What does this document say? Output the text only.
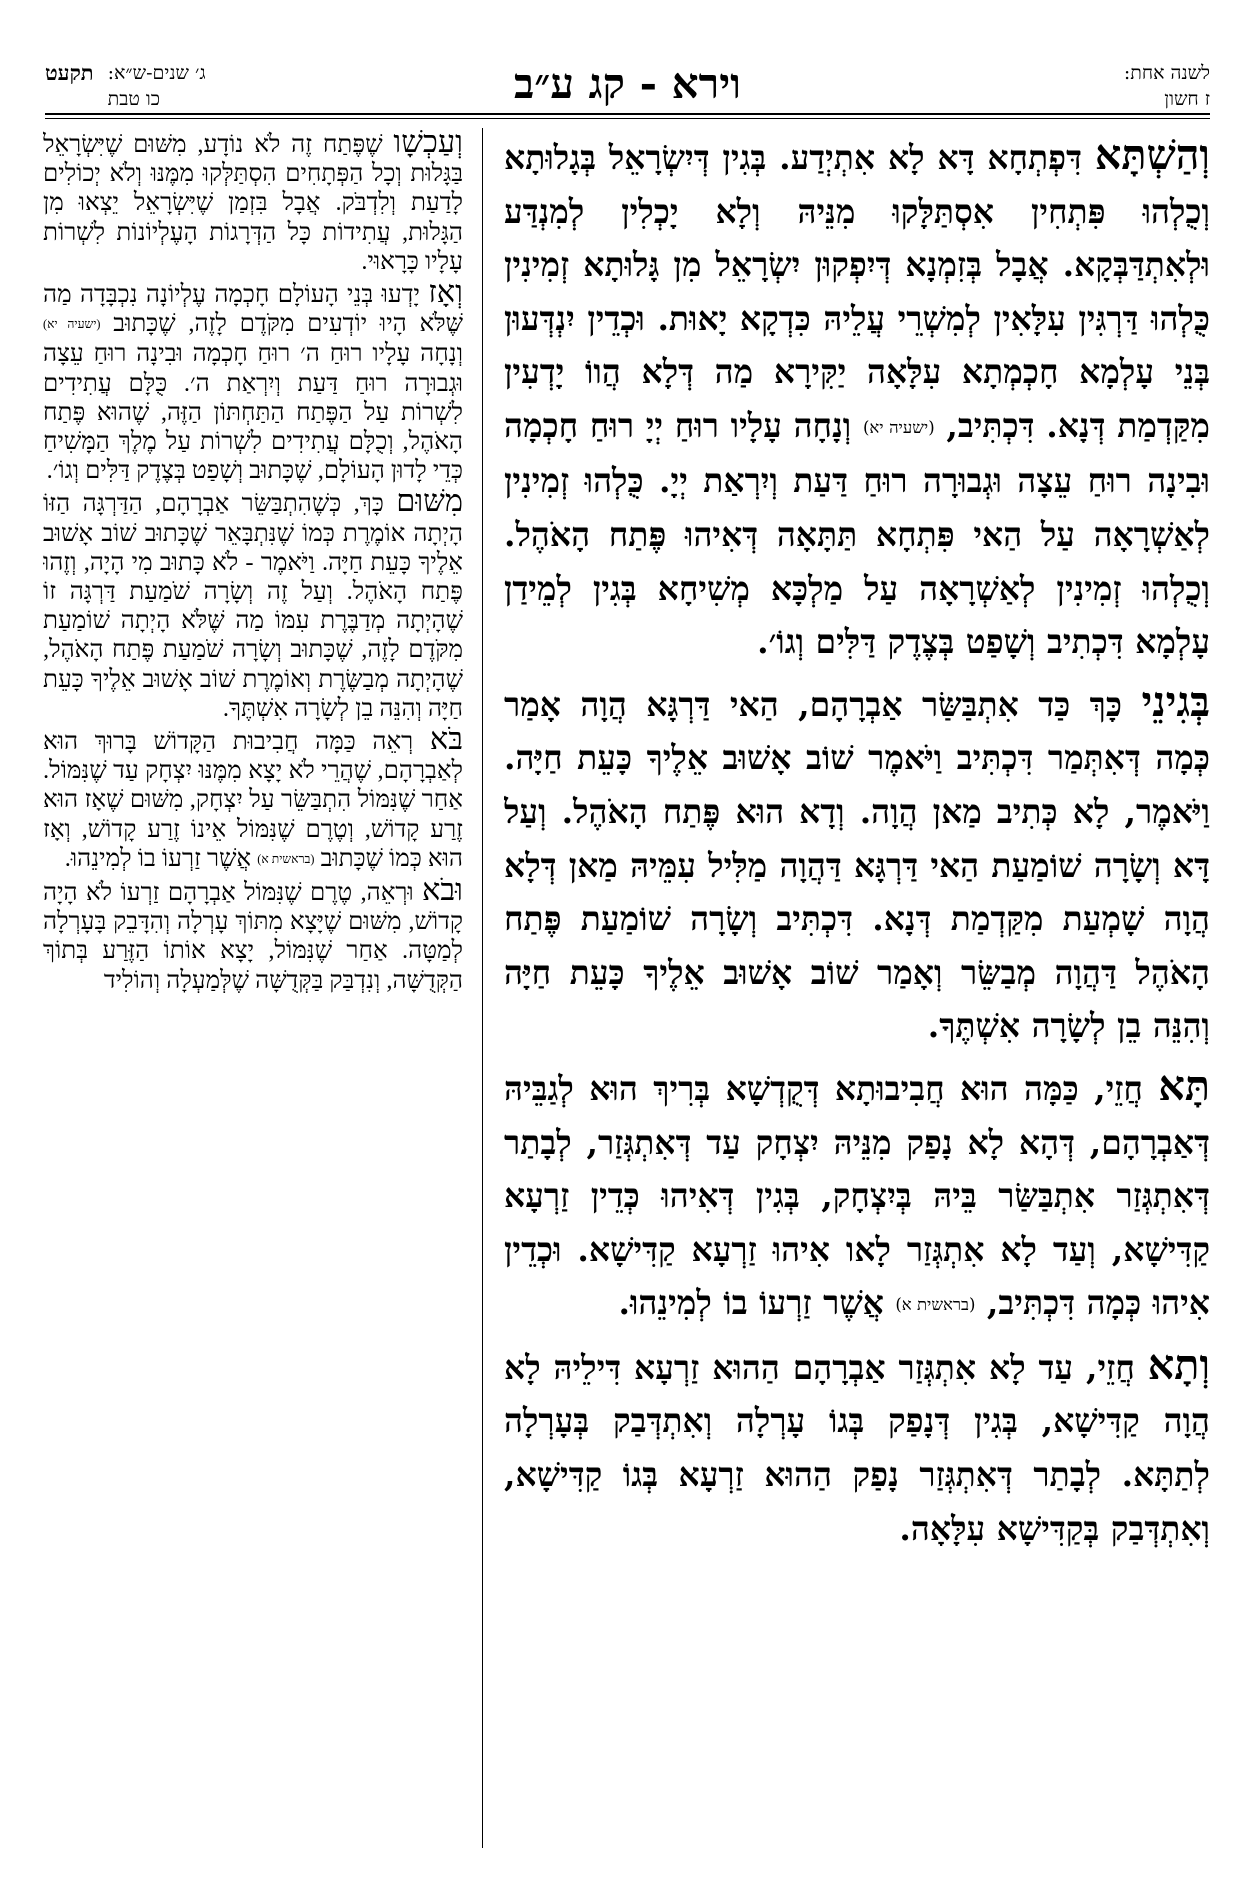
לשנה אחת:
ז חשון
וירא - קג ע״ב
ג׳ שנים-ש״א:
כו טבת
תקעט

וְהַשְׁתָּא דִּפְתְחָא דָּא לָא אִתְיְדַע. בְּגִין דְּיִשְׂרָאֵל בְּגָלוּתָא וְכֻלְהוּ פִּתְחִין אִסְתַּלָּקוּ מִנֵּיהּ וְלָא יָכְלִין לְמִנְדַּע וּלְאִתְדַּבְּקָא. אֲבָל בְּזִמְנָא דְּיִפְקוּן יִשְׂרָאֵל מִן גָּלוּתָא זְמִינִין כֻּלְהוּ דַּרְגִּין עִלָּאִין לְמִשְׁרֵי עֲלֵיהּ כִּדְקָא יָאוּת. וּכְדֵין יִנְדְּעוּן בְּנֵי עָלְמָא חָכְמְתָא עִלָּאָה יַקִּירָא מַה דְּלָא הֲווֹ יָדְעִין מִקַּדְמַת דְּנָא. דִּכְתִּיב, (ישעיה יא) וְנָחָה עָלָיו רוּחַ יְיָ רוּחַ חָכְמָה וּבִינָה רוּחַ עֵצָה וּגְבוּרָה רוּחַ דַּעַת וְיִרְאַת יְיָ. כֻּלְהוּ זְמִינִין לְאַשְׁרָאָה עַל הַאי פִּתְחָא תַּתָּאָה דְּאִיהוּ פֶּתַח הָאֹהֶל. וְכֻלְהוּ זְמִינִין לְאַשְׁרָאָה עַל מַלְכָּא מְשִׁיחָא בְּגִין לְמֵידַן עָלְמָא דִּכְתִיב וְשָׁפַט בְּצֶדֶק דַּלִּים וְגוֹ׳.

בְּגִינֵי כָּךְ כַּד אִתְבַּשַּׂר אַבְרָהָם, הַאי דַּרְגָּא הֲוָה אָמַר כְּמָה דְּאִתְּמַר דִּכְתִּיב וַיֹּאמֶר שׁוֹב אָשׁוּב אֵלֶיךָ כָּעֵת חַיָּה. וַיֹּאמֶר, לָא כְּתִיב מַאן הֲוָה. וְדָא הוּא פֶּתַח הָאֹהֶל. וְעַל דָּא וְשָׂרָה שׁוֹמַעַת הַאי דַּרְגָּא דַּהֲוָה מַלִּיל עִמֵּיהּ מַאן דְּלָא הֲוָה שָׁמְעַת מִקַּדְמַת דְּנָא. דִּכְתִּיב וְשָׂרָה שׁוֹמַעַת פֶּתַח הָאֹהֶל דַּהֲוָה מְבַשֵּׂר וְאָמַר שׁוֹב אָשׁוּב אֵלֶיךָ כָּעֵת חַיָּה וְהִנֵּה בֵן לְשָׂרָה אִשְׁתֶּךָ.

תָּא חֲזֵי, כַּמָּה הוּא חֲבִיבוּתָא דְּקֻדְשָׁא בְּרִיךְ הוּא לְגַבֵּיהּ דְּאַבְרָהָם, דְּהָא לָא נָפַק מִנֵּיהּ יִצְחָק עַד דְּאִתְגְּזַר, לְבָתַר דְּאִתְגְּזַר אִתְבַּשַּׂר בֵּיהּ בְּיִצְחָק, בְּגִין דְּאִיהוּ כְּדֵין זַרְעָא קַדִּישָׁא, וְעַד לָא אִתְגְּזַר לָאו אִיהוּ זַרְעָא קַדִּישָׁא. וּכְדֵין אִיהוּ כְּמָה דִּכְתִּיב, (בראשית א) אֲשֶׁר זַרְעוֹ בוֹ לְמִינֵהוּ.

וְתָא חֲזֵי, עַד לָא אִתְגְּזַר אַבְרָהָם הַהוּא זַרְעָא דִּילֵיהּ לָא הֲוָה קַדִּישָׁא, בְּגִין דְּנָפַק בְּגוֹ עָרְלָה וְאִתְדְּבַק בְּעָרְלָה לְתַתָּא. לְבָתַר דְּאִתְגְּזַר נָפַק הַהוּא זַרְעָא בְּגוֹ קַדִּישָׁא, וְאִתְדְּבַק בְּקַדִּישָׁא עִלָּאָה.

וְעַכְשָׁו שֶׁפֶּתַח זֶה לֹא נוֹדָע, מִשּׁוּם שֶׁיִּשְׂרָאֵל בַּגָּלוּת וְכָל הַפְּתָחִים הִסְתַּלְּקוּ מִמֶּנּוּ וְלֹא יְכוֹלִים לָדַעַת וְלִדְבֹּק. אֲבָל בִּזְמַן שֶׁיִּשְׂרָאֵל יֵצְאוּ מִן הַגָּלוּת, עֲתִידוֹת כָּל הַדְּרָגוֹת הָעֶלְיוֹנוֹת לִשְׁרוֹת עָלָיו כָּרָאוּי.

וְאָז יָדְעוּ בְּנֵי הָעוֹלָם חָכְמָה עֶלְיוֹנָה נִכְבָּדָה מַה שֶּׁלֹּא הָיוּ יוֹדְעִים מִקֹּדֶם לָזֶה, שֶׁכָּתוּב (ישעיה יא) וְנָחָה עָלָיו רוּחַ ה׳ רוּחַ חָכְמָה וּבִינָה רוּחַ עֵצָה וּגְבוּרָה רוּחַ דַּעַת וְיִרְאַת ה׳. כֻּלָּם עֲתִידִים לִשְׁרוֹת עַל הַפֶּתַח הַתַּחְתּוֹן הַזֶּה, שֶׁהוּא פֶּתַח הָאֹהֶל, וְכֻלָּם עֲתִידִים לִשְׁרוֹת עַל מֶלֶךְ הַמָּשִׁיחַ כְּדֵי לָדוּן הָעוֹלָם, שֶׁכָּתוּב וְשָׁפַט בְּצֶדֶק דַּלִּים וְגוֹ׳.

מִשּׁוּם כָּךְ, כְּשֶׁהִתְבַּשֵּׂר אַבְרָהָם, הַדַּרְגָּה הַזּוֹ הָיְתָה אוֹמֶרֶת כְּמוֹ שֶׁנִּתְבָּאֵר שֶׁכָּתוּב שׁוֹב אָשׁוּב אֵלֶיךָ כָּעֵת חַיָּה. וַיֹּאמֶר - לֹא כָּתוּב מִי הָיָה, וְזֶהוּ פֶּתַח הָאֹהֶל. וְעַל זֶה וְשָׂרָה שֹׁמַעַת דַּרְגָּה זוֹ שֶׁהָיְתָה מְדַבֶּרֶת עִמּוֹ מַה שֶּׁלֹּא הָיְתָה שׁוֹמַעַת מִקֹּדֶם לָזֶה, שֶׁכָּתוּב וְשָׂרָה שֹׁמַעַת פֶּתַח הָאֹהֶל, שֶׁהָיְתָה מְבַשֶּׂרֶת וְאוֹמֶרֶת שׁוֹב אָשׁוּב אֵלֶיךָ כָּעֵת חַיָּה וְהִנֵּה בֵן לְשָׂרָה אִשְׁתֶּךָ.

בֹּא רְאֵה כַּמָּה חֲבִיבוּת הַקָּדוֹשׁ בָּרוּךְ הוּא לְאַבְרָהָם, שֶׁהֲרֵי לֹא יָצָא מִמֶּנּוּ יִצְחָק עַד שֶׁנִּמּוֹל. אַחַר שֶׁנִּמּוֹל הִתְבַּשֵּׂר עַל יִצְחָק, מִשּׁוּם שֶׁאָז הוּא זֶרַע קָדוֹשׁ, וְטֶרֶם שֶׁנִּמּוֹל אֵינוֹ זֶרַע קָדוֹשׁ, וְאָז הוּא כְּמוֹ שֶׁכָּתוּב (בראשית א) אֲשֶׁר זַרְעוֹ בוֹ לְמִינֵהוּ.

וּבֹא וּרְאֵה, טֶרֶם שֶׁנִּמּוֹל אַבְרָהָם זַרְעוֹ לֹא הָיָה קָדוֹשׁ, מִשּׁוּם שֶׁיָּצָא מִתּוֹךְ עָרְלָה וְהִדָּבֵק בָּעָרְלָה לְמַטָּה. אַחַר שֶׁנִּמּוֹל, יָצָא אוֹתוֹ הַזֶּרַע בְּתוֹךְ הַקְּדֻשָּׁה, וְנִדְבַּק בַּקְּדֻשָּׁה שֶׁלְּמַעְלָה וְהוֹלִיד
